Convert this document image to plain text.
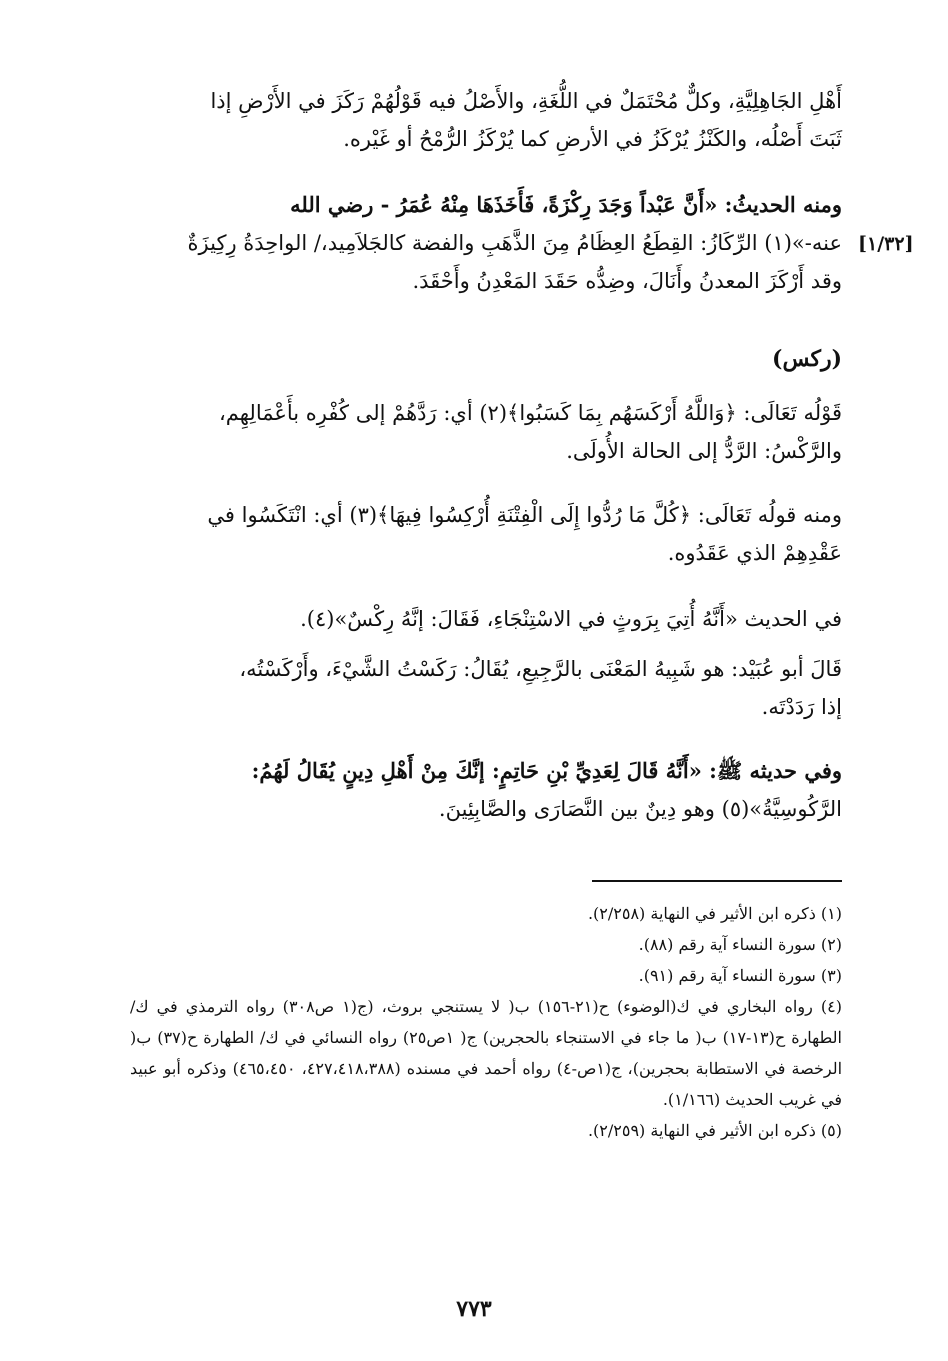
أَهْلِ الجَاهِلِيَّةِ، وكلٌّ مُحْتَمَلٌ في اللُّغَةِ، والأَصْلُ فيه قَوْلُهُمْ رَكَزَ في الأَرْضِ إذا

ثَبَتَ أَصْلُه، والكَنْزُ يُرْكَزُ في الأرضِ كما يُرْكَزُ الرُّمْحُ أو غَيْره.

ومنه الحديثُ: «أَنَّ عَبْداً وَجَدَ رِكْزَةً، فَأَخَذَهَا مِنْهُ عُمَرُ - رضي الله

عنه-»(١) الرِّكَازُ: القِطَعُ العِظَامُ مِنَ الذَّهَبِ والفضة كالجَلاَمِيد،/ الواحِدَةُ رِكِيزَةٌ

وقد أَرْكَزَ المعدنُ وأَنَالَ، وضِدُّه حَقَدَ المَعْدِنُ وأَحْقَدَ.

[١/٣٢]
(ركس)

قَوْلُه تَعَالَى: ﴿وَاللَّهُ أَرْكَسَهُم بِمَا كَسَبُوا﴾(٢) أي: رَدَّهُمْ إلى كُفْرِه بأَعْمَالِهِم،

والرَّكْسُ: الرَّدُّ إلى الحالة الأُولَى.

ومنه قولُه تَعَالَى: ﴿كُلَّ مَا رُدُّوا إِلَى الْفِتْنَةِ أُرْكِسُوا فِيهَا﴾(٣) أي: انْتَكَسُوا في

عَقْدِهِمْ الذي عَقَدُوه.

في الحديث «أَنَّهُ أُتِيَ بِرَوثٍ في الاسْتِنْجَاءِ، فَقَالَ: إنَّهُ رِكْسٌ»(٤).

قَالَ أبو عُبَيْد: هو شَبِيهُ المَعْنَى بالرَّجِيعِ، يُقَالُ: رَكَسْتُ الشَّيْءَ، وأَرْكَسْتُه،

إذا رَدَدْتَه.

وفي حديثه ﷺ: «أَنَّهُ قَالَ لِعَدِيِّ بْنِ حَاتِمٍ: إنَّكَ مِنْ أَهْلِ دِينٍ يُقَالُ لَهُمُ:

الرَّكُوسِيَّةُ»(٥) وهو دِينٌ بين النَّصَارَى والصَّابِئِينَ.

(١) ذكره ابن الأثير في النهاية (٢/٢٥٨).

(٢) سورة النساء آية رقم (٨٨).

(٣) سورة النساء آية رقم (٩١).

(٤) رواه البخاري في ك(الوضوء) ح(٢١-١٥٦) ب( لا يستنجي بروث، (ج(١ ص٣٠٨) رواه الترمذي في ك/ الطهارة ح(١٣-١٧) ب( ما جاء في الاستنجاء بالحجرين) ج( ١ص٢٥) رواه النسائي في ك/ الطهارة ح(٣٧) ب( الرخصة في الاستطابة بحجرين)، ج(١ص-٤) رواه أحمد في مسنده (٤٢٧،٤١٨،٣٨٨، ٤٦٥،٤٥٠) وذكره أبو عبيد في غريب الحديث (١/١٦٦).

(٥) ذكره ابن الأثير في النهاية (٢/٢٥٩).

٧٧٣
